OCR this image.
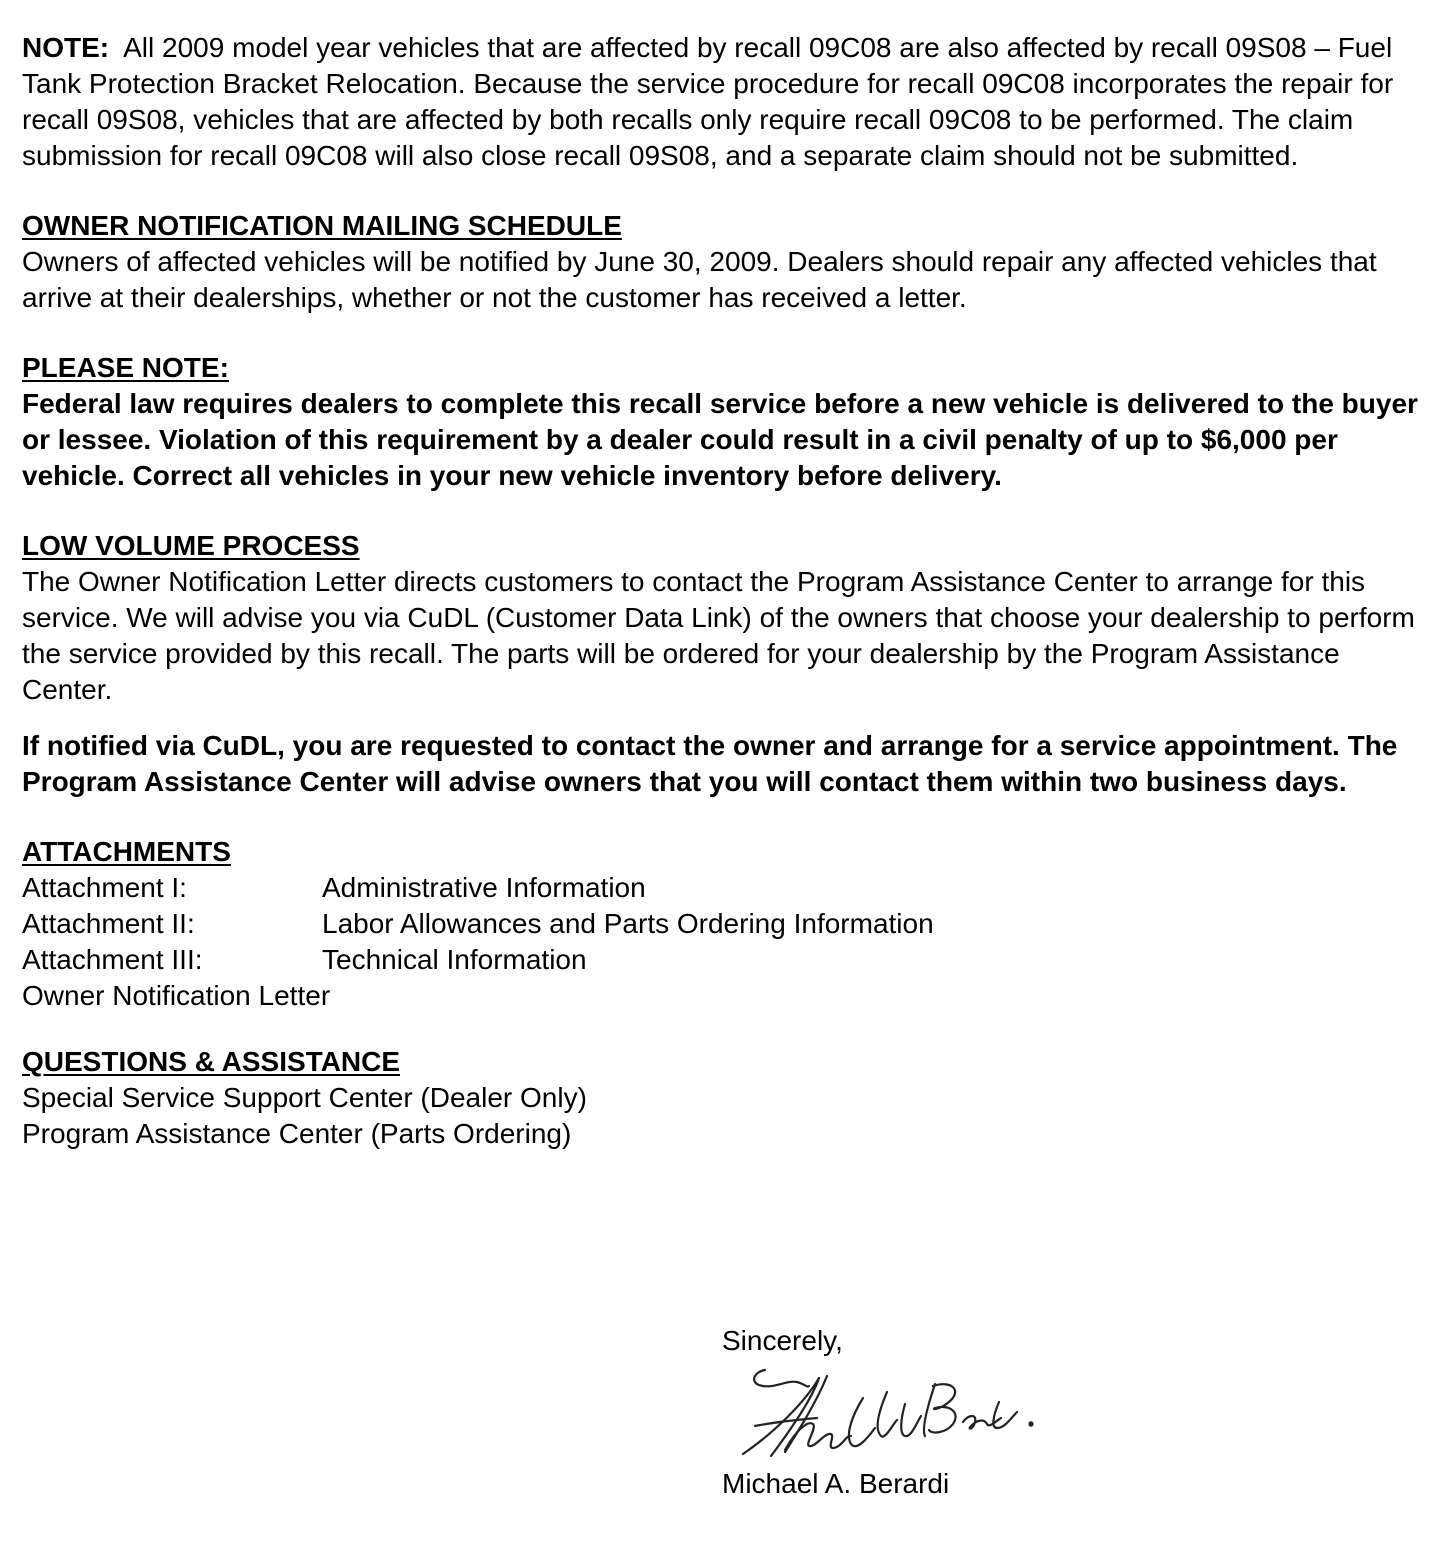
NOTE: All 2009 model year vehicles that are affected by recall 09C08 are also affected by recall 09S08 – Fuel Tank Protection Bracket Relocation. Because the service procedure for recall 09C08 incorporates the repair for recall 09S08, vehicles that are affected by both recalls only require recall 09C08 to be performed. The claim submission for recall 09C08 will also close recall 09S08, and a separate claim should not be submitted.

OWNER NOTIFICATION MAILING SCHEDULE

Owners of affected vehicles will be notified by June 30, 2009. Dealers should repair any affected vehicles that arrive at their dealerships, whether or not the customer has received a letter.

PLEASE NOTE:

Federal law requires dealers to complete this recall service before a new vehicle is delivered to the buyer or lessee. Violation of this requirement by a dealer could result in a civil penalty of up to $6,000 per vehicle. Correct all vehicles in your new vehicle inventory before delivery.

LOW VOLUME PROCESS

The Owner Notification Letter directs customers to contact the Program Assistance Center to arrange for this service. We will advise you via CuDL (Customer Data Link) of the owners that choose your dealership to perform the service provided by this recall. The parts will be ordered for your dealership by the Program Assistance Center.

If notified via CuDL, you are requested to contact the owner and arrange for a service appointment. The Program Assistance Center will advise owners that you will contact them within two business days.

ATTACHMENTS

Attachment I:	Administrative Information
Attachment II:	Labor Allowances and Parts Ordering Information
Attachment III:	Technical Information

Owner Notification Letter

QUESTIONS & ASSISTANCE

Special Service Support Center (Dealer Only)

Program Assistance Center (Parts Ordering)

Sincerely,

Michael A. Berardi
